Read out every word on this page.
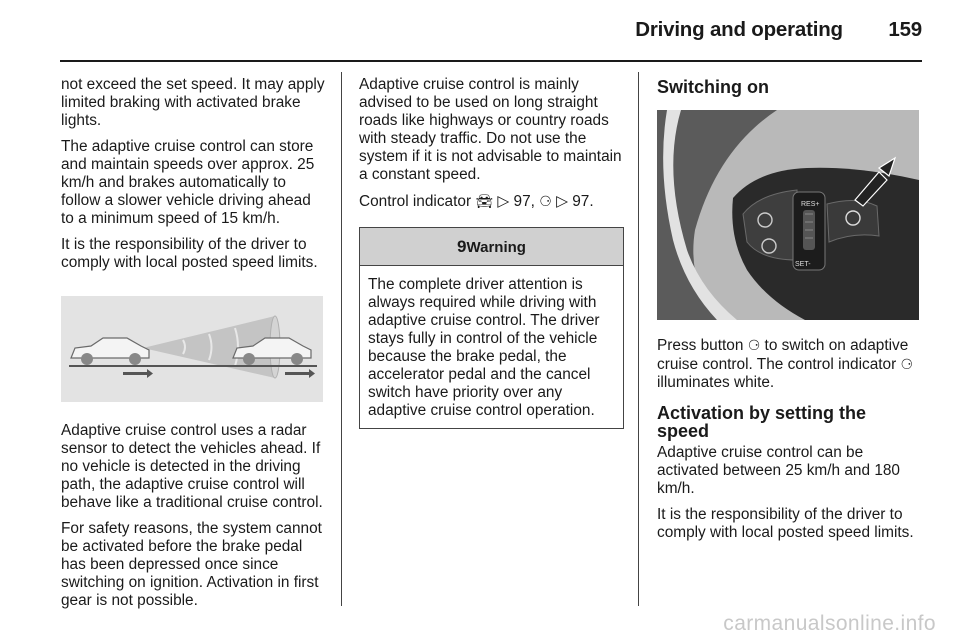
Driving and operating 159

not exceed the set speed. It may apply limited braking with activated brake lights.

The adaptive cruise control can store and maintain speeds over approx. 25 km/h and brakes automatically to follow a slower vehicle driving ahead to a minimum speed of 15 km/h.

It is the responsibility of the driver to comply with local posted speed limits.

Adaptive cruise control uses a radar sensor to detect the vehicles ahead. If no vehicle is detected in the driving path, the adaptive cruise control will behave like a traditional cruise control.

For safety reasons, the system cannot be activated before the brake pedal has been depressed once since switching on ignition. Activation in first gear is not possible.

Adaptive cruise control is mainly advised to be used on long straight roads like highways or country roads with steady traffic. Do not use the system if it is not advisable to maintain a constant speed.

Control indicator 🚘︎ ▷ 97, ⚆ ▷ 97.

9Warning
The complete driver attention is always required while driving with adaptive cruise control. The driver stays fully in control of the vehicle because the brake pedal, the accelerator pedal and the cancel switch have priority over any adaptive cruise control operation.
Switching on
RES+
SET-

Press button ⚆ to switch on adaptive cruise control. The control indicator ⚆ illuminates white.

Activation by setting the speed

Adaptive cruise control can be activated between 25 km/h and 180 km/h.

It is the responsibility of the driver to comply with local posted speed limits.

carmanualsonline.info
